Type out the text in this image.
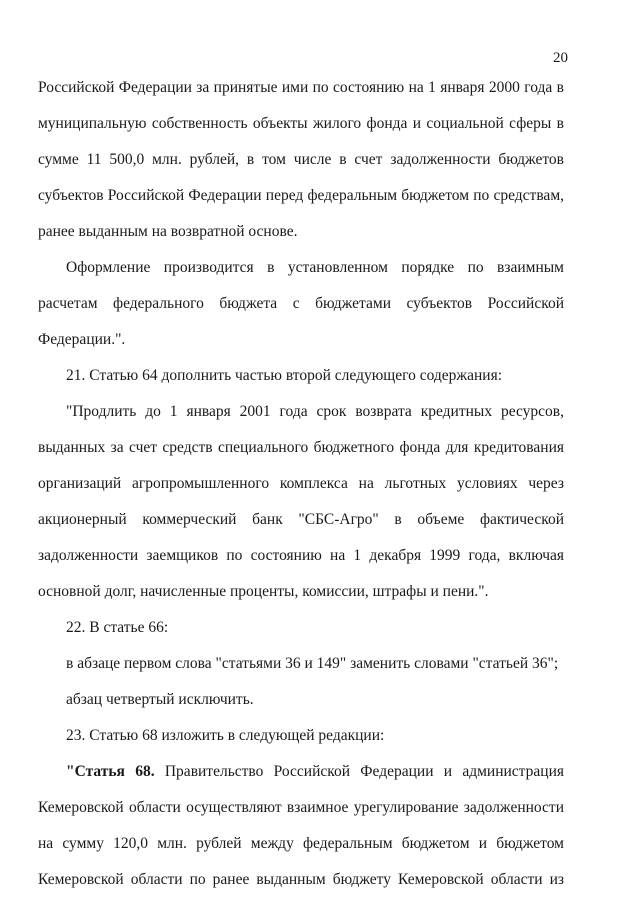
20
Российской Федерации за принятые ими по состоянию на 1 января 2000 года в
муниципальную собственность объекты жилого фонда и социальной сферы в
сумме 11 500,0 млн. рублей, в том числе в счет задолженности бюджетов
субъектов Российской Федерации перед федеральным бюджетом по средствам,
ранее выданным на возвратной основе.
Оформление производится в установленном порядке по взаимным
расчетам федерального бюджета с бюджетами субъектов Российской
Федерации.".
21. Статью 64 дополнить частью второй следующего содержания:
"Продлить до 1 января 2001 года срок возврата кредитных ресурсов,
выданных за счет средств специального бюджетного фонда для кредитования
организаций агропромышленного комплекса на льготных условиях через
акционерный коммерческий банк "СБС-Агро" в объеме фактической
задолженности заемщиков по состоянию на 1 декабря 1999 года, включая
основной долг, начисленные проценты, комиссии, штрафы и пени.".
22. В статье 66:
в абзаце первом слова "статьями 36 и 149" заменить словами "статьей 36";
абзац четвертый исключить.
23. Статью 68 изложить в следующей редакции:
"Статья 68. Правительство Российской Федерации и администрация
Кемеровской области осуществляют взаимное урегулирование задолженности
на сумму 120,0 млн. рублей между федеральным бюджетом и бюджетом
Кемеровской области по ранее выданным бюджету Кемеровской области из
